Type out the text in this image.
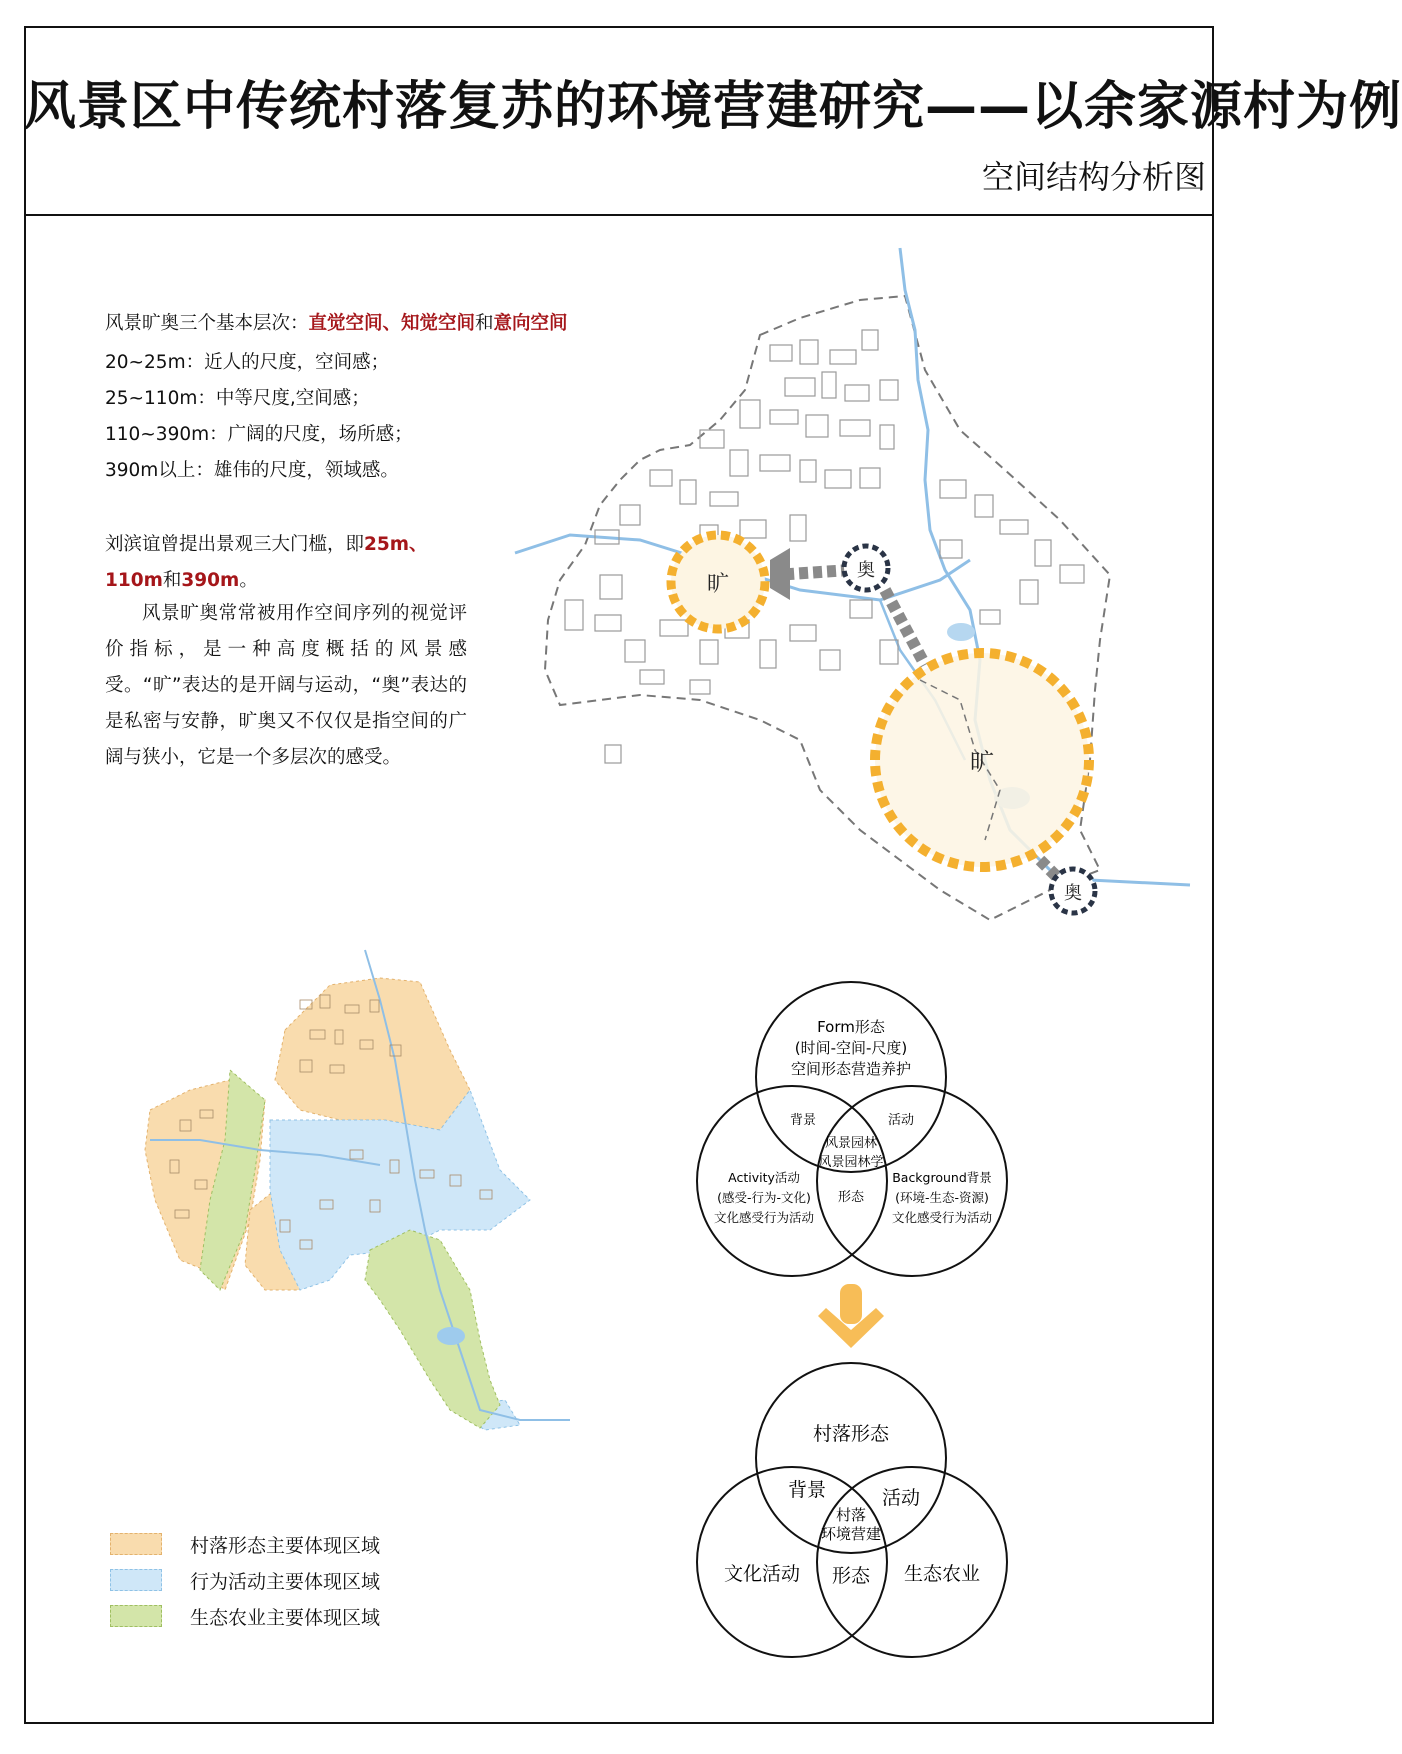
风景区中传统村落复苏的环境营建研究——以余家源村为例
空间结构分析图
风景旷奥三个基本层次：直觉空间、知觉空间和意向空间
20~25m：近人的尺度，空间感；
25~110m：中等尺度,空间感；
110~390m：广阔的尺度，场所感；
390m以上：雄伟的尺度，领域感。
刘滨谊曾提出景观三大门槛，即25m、
110m和390m。
风景旷奥常常被用作空间序列的视觉评价指标，是一种高度概括的风景感受。“旷”表达的是开阔与运动，“奥”表达的是私密与安静，旷奥又不仅仅是指空间的广阔与狭小，它是一个多层次的感受。
旷
旷
奥
奥
村落形态主要体现区域
行为活动主要体现区域
生态农业主要体现区域
Form形态
(时间-空间-尺度)
空间形态营造养护
Activity活动
(感受-行为-文化)
文化感受行为活动
Background背景
(环境-生态-资源)
文化感受行为活动
背景	活动
形态
风景园林
风景园林学
村落形态
文化活动	生态农业
背景	活动
形态
村落
环境营建
